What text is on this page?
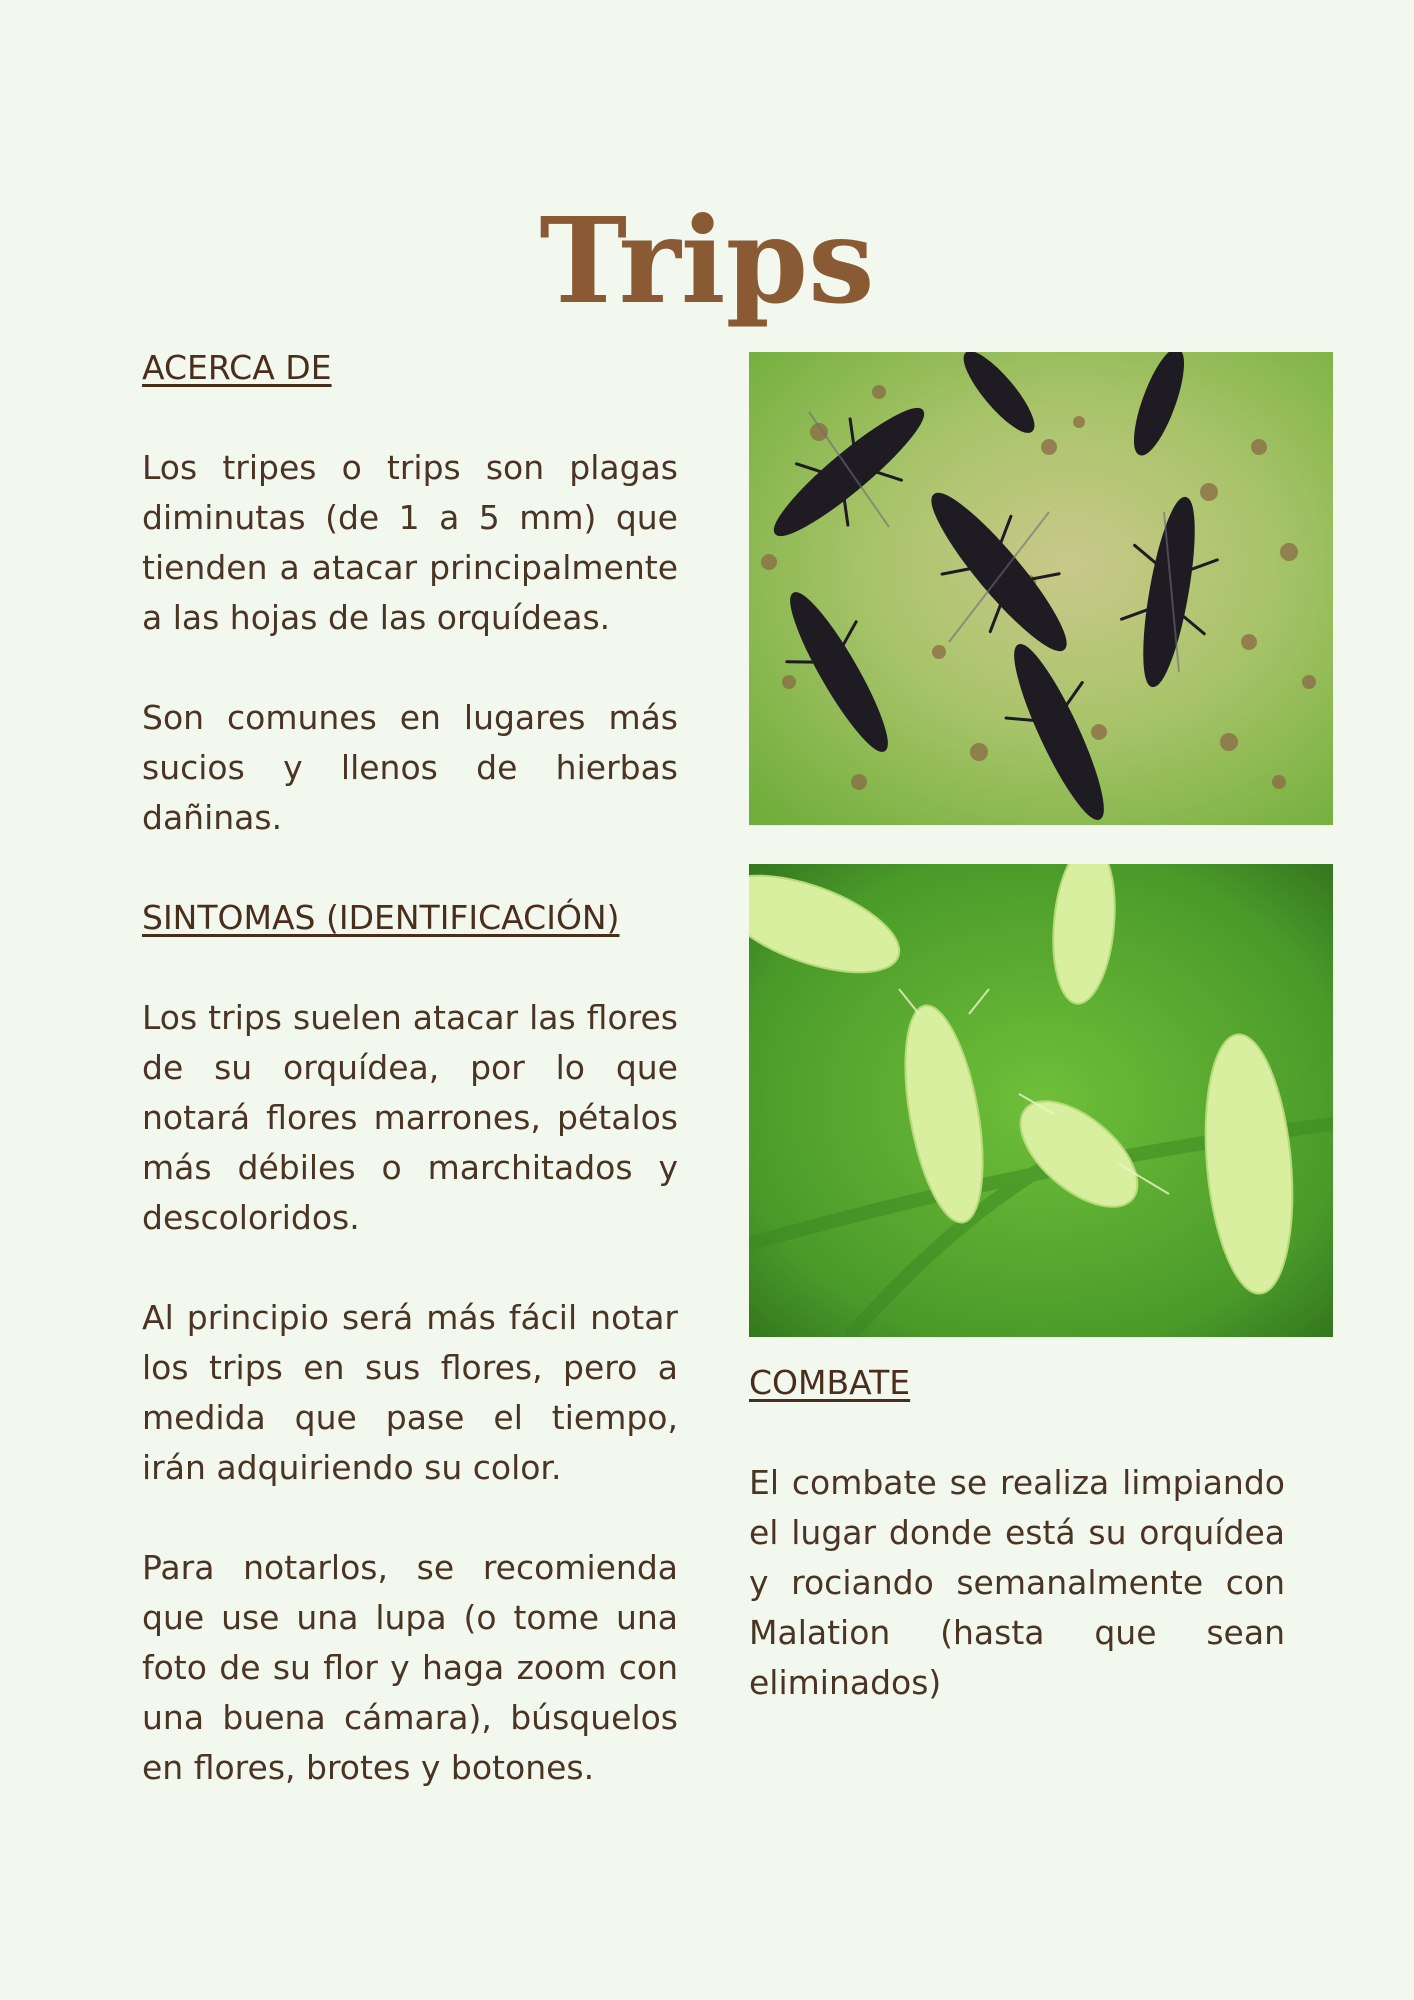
Trips
ACERCA DE

Los tripes o trips son plagas diminutas (de 1 a 5 mm) que tienden a atacar principalmente a las hojas de las orquídeas.

Son comunes en lugares más sucios y llenos de hierbas dañinas.

SINTOMAS (IDENTIFICACIÓN)

Los trips suelen atacar las flores de su orquídea, por lo que notará flores marrones, pétalos más débiles o marchitados y descoloridos.

Al principio será más fácil notar los trips en sus flores, pero a medida que pase el tiempo, irán adquiriendo su color.

Para notarlos, se recomienda que use una lupa (o tome una foto de su flor y haga zoom con una buena cámara), búsquelos en flores, brotes y botones.

COMBATE

El combate se realiza limpiando el lugar donde está su orquídea y rociando semanalmente con Malation (hasta que sean eliminados)
